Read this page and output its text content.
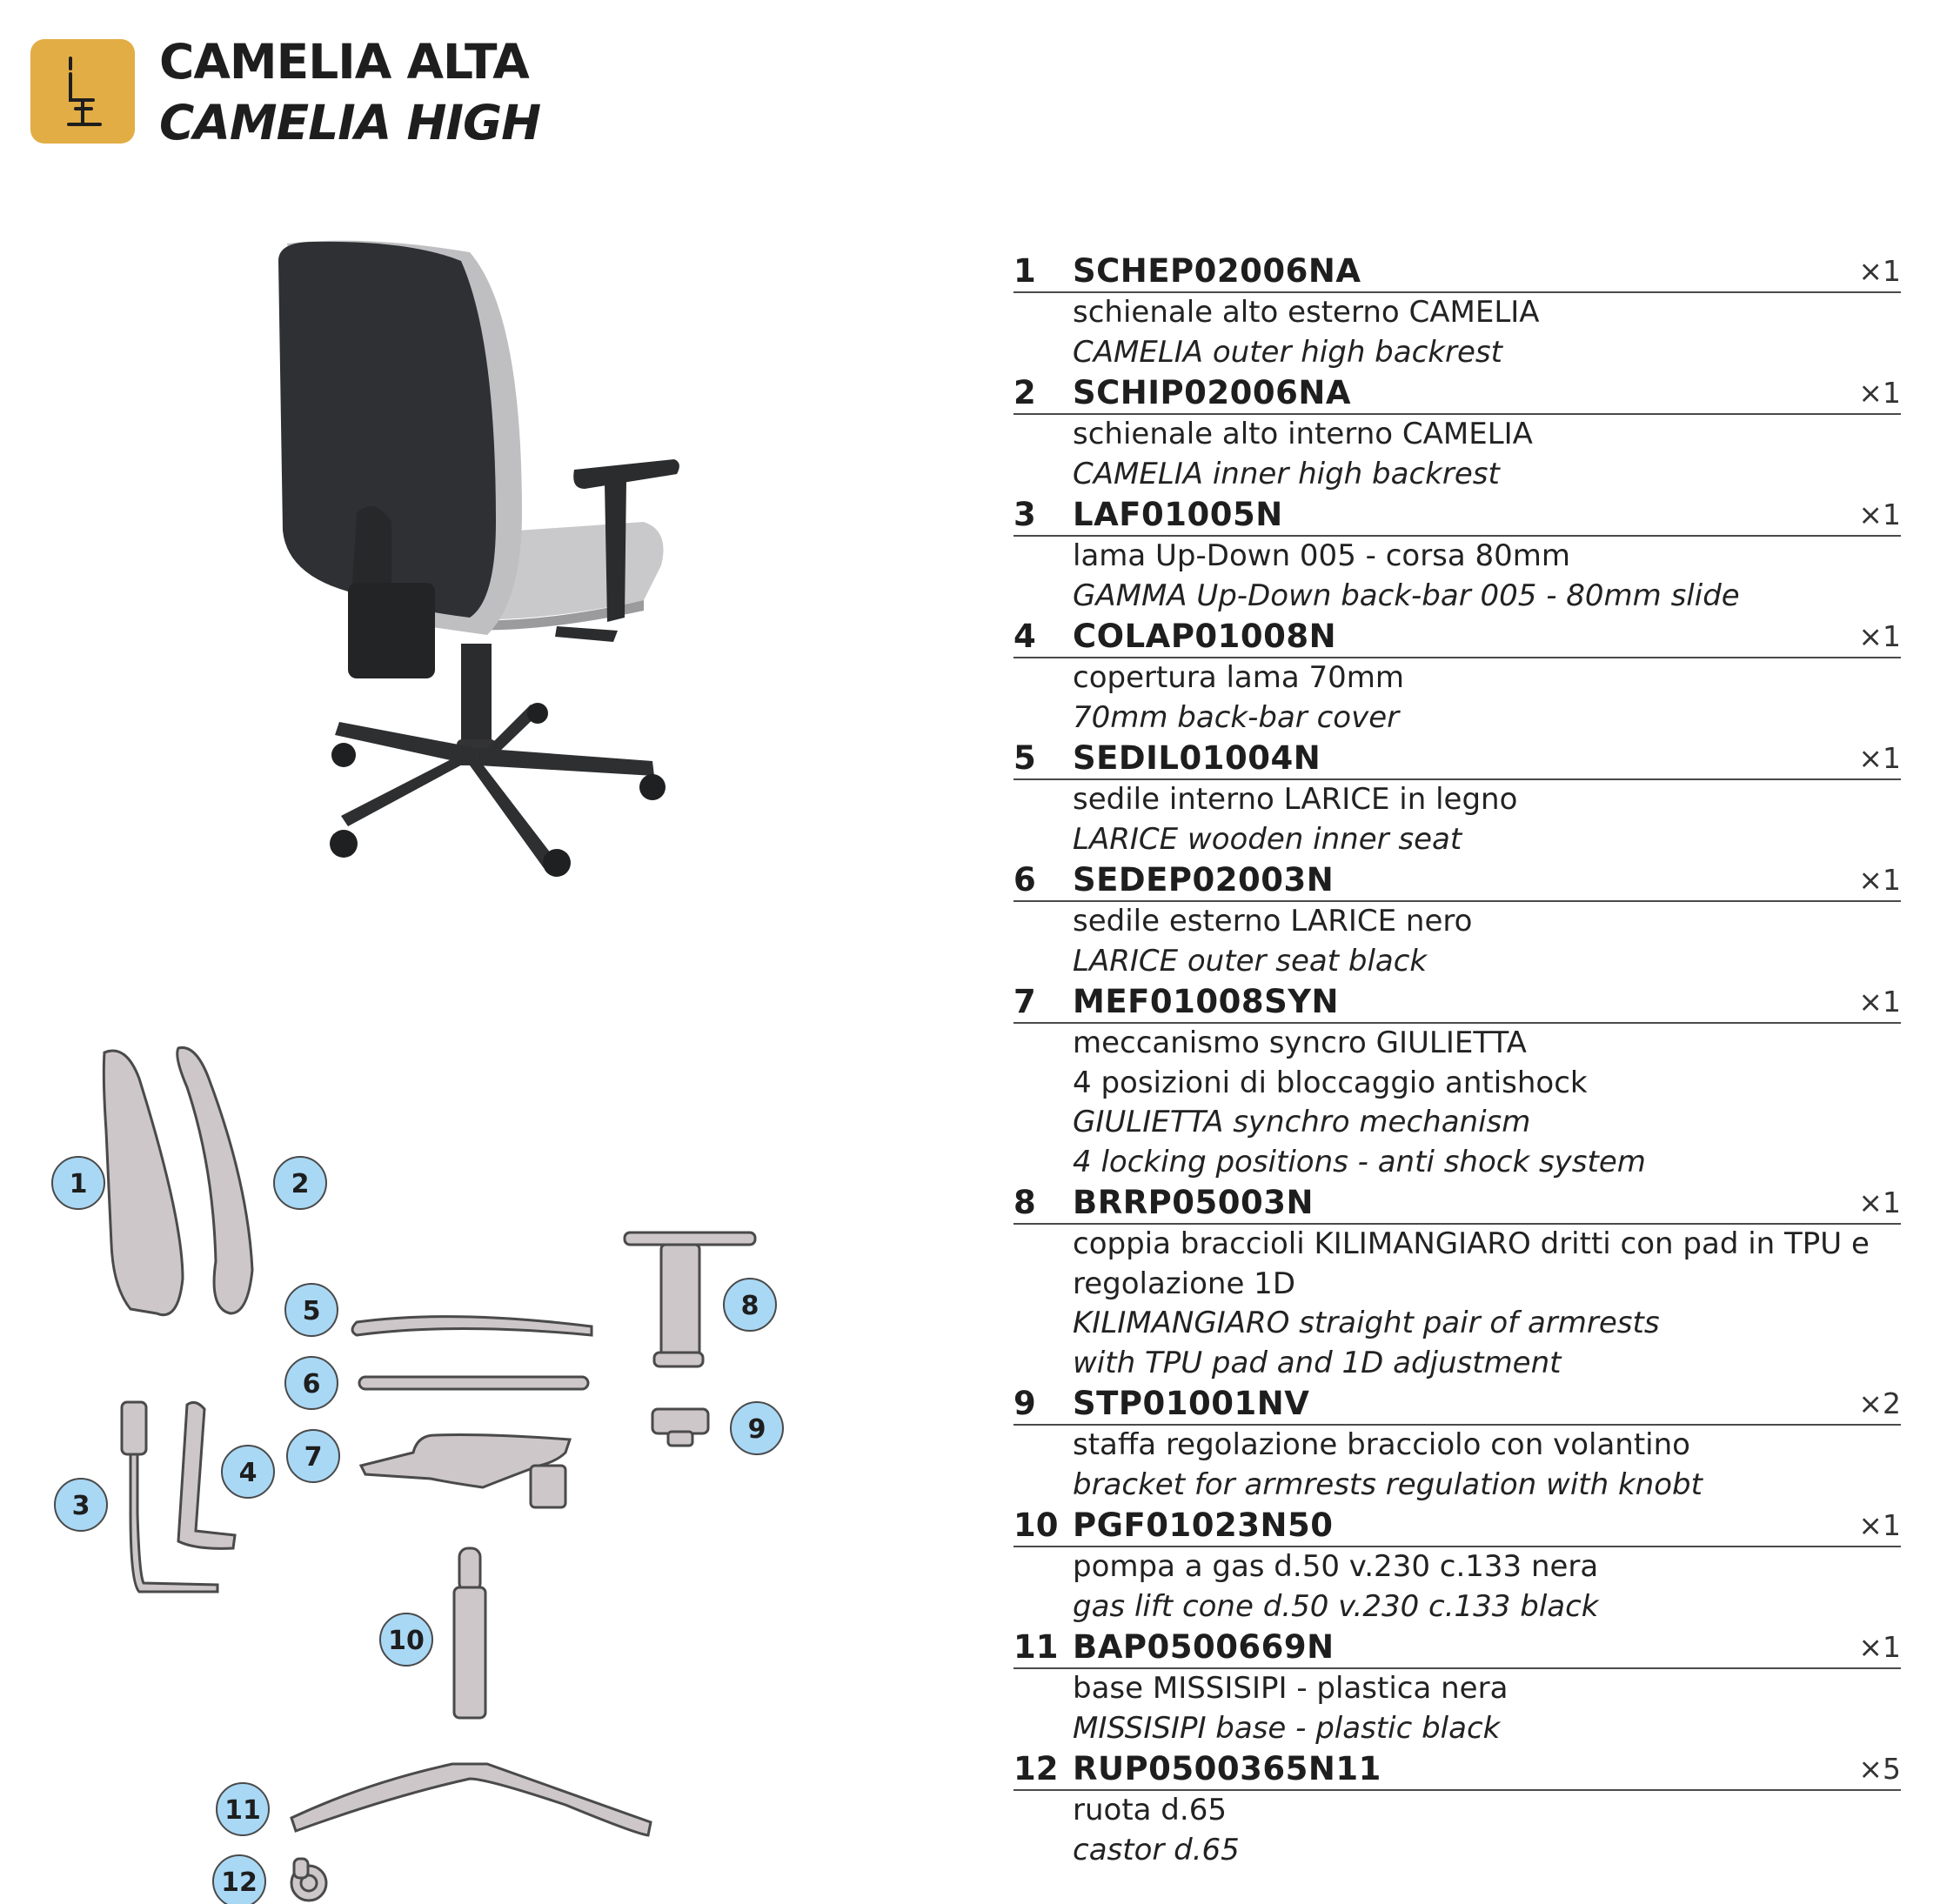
CAMELIA ALTA
CAMELIA HIGH
1	2
3
4
5
6
7
8
9
10
11
12
1 SCHEP02006NA	×1
schienale alto esterno CAMELIA
CAMELIA outer high backrest
2 SCHIP02006NA	×1
schienale alto interno CAMELIA
CAMELIA inner high backrest
3 LAF01005N	×1
lama Up-Down 005 - corsa 80mm
GAMMA Up-Down back-bar 005 - 80mm slide
4 COLAP01008N	×1
copertura lama 70mm
70mm back-bar cover
5 SEDIL01004N	×1
sedile interno LARICE in legno
LARICE wooden inner seat
6 SEDEP02003N	×1
sedile esterno LARICE nero
LARICE outer seat black
7 MEF01008SYN	×1
meccanismo syncro GIULIETTA
4 posizioni di bloccaggio antishock
GIULIETTA synchro mechanism
4 locking positions - anti shock system
8 BRRP05003N	×1
coppia braccioli KILIMANGIARO dritti con pad in TPU e
regolazione 1D
KILIMANGIARO straight pair of armrests
with TPU pad and 1D adjustment
9 STP01001NV	×2
staffa regolazione bracciolo con volantino
bracket for armrests regulation with knobt
10 PGF01023N50	×1
pompa a gas d.50 v.230 c.133 nera
gas lift cone d.50 v.230 c.133 black
11 BAP0500669N	×1
base MISSISIPI - plastica nera
MISSISIPI base - plastic black
12 RUP0500365N11	×5
ruota d.65
castor d.65
